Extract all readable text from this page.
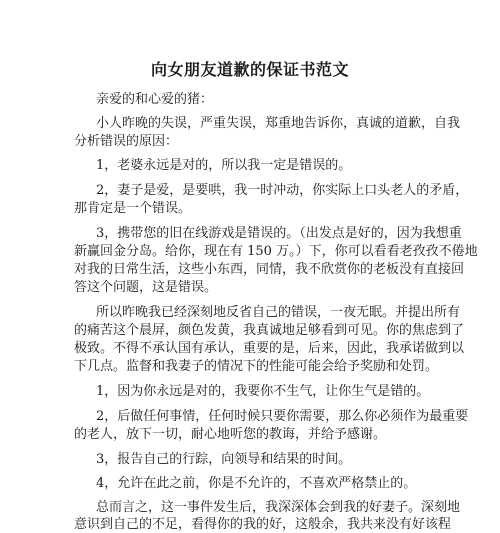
向女朋友道歉的保证书范文
亲爱的和心爱的猪：
小人昨晚的失误，严重失误，郑重地告诉你，真诚的道歉，自我
分析错误的原因：
1，老婆永远是对的，所以我一定是错误的。
2，妻子是爱，是要哄，我一时冲动，你实际上口头老人的矛盾，
那肯定是一个错误。
3，携带您的旧在线游戏是错误的。（出发点是好的，因为我想重
新赢回金分岛。给你，现在有 150 万。）下，你可以看看老孜孜不倦地
对我的日常生活，这些小东西，同情，我不欣赏你的老板没有直接回
答这个问题，这是错误。
所以昨晚我已经深刻地反省自己的错误，一夜无眠。并提出所有
的痛苦这个晨屏，颜色发黄，我真诚地足够看到可见。你的焦虑到了
极致。不得不承认国有承认，重要的是，后来，因此，我承诺做到以
下几点。监督和我妻子的情况下的性能可能会给予奖励和处罚。
1，因为你永远是对的，我要你不生气，让你生气是错的。
2，后做任何事情，任何时候只要你需要，那么你必须作为最重要
的老人，放下一切，耐心地听您的教诲，并给予感谢。
3，报告自己的行踪，向领导和结果的时间。
4，允许在此之前，你是不允许的，不喜欢严格禁止的。
总而言之，这一事件发生后，我深深体会到我的好妻子。深刻地
意识到自己的不足，看得你的我的好，这般余，我共来没有好该程
